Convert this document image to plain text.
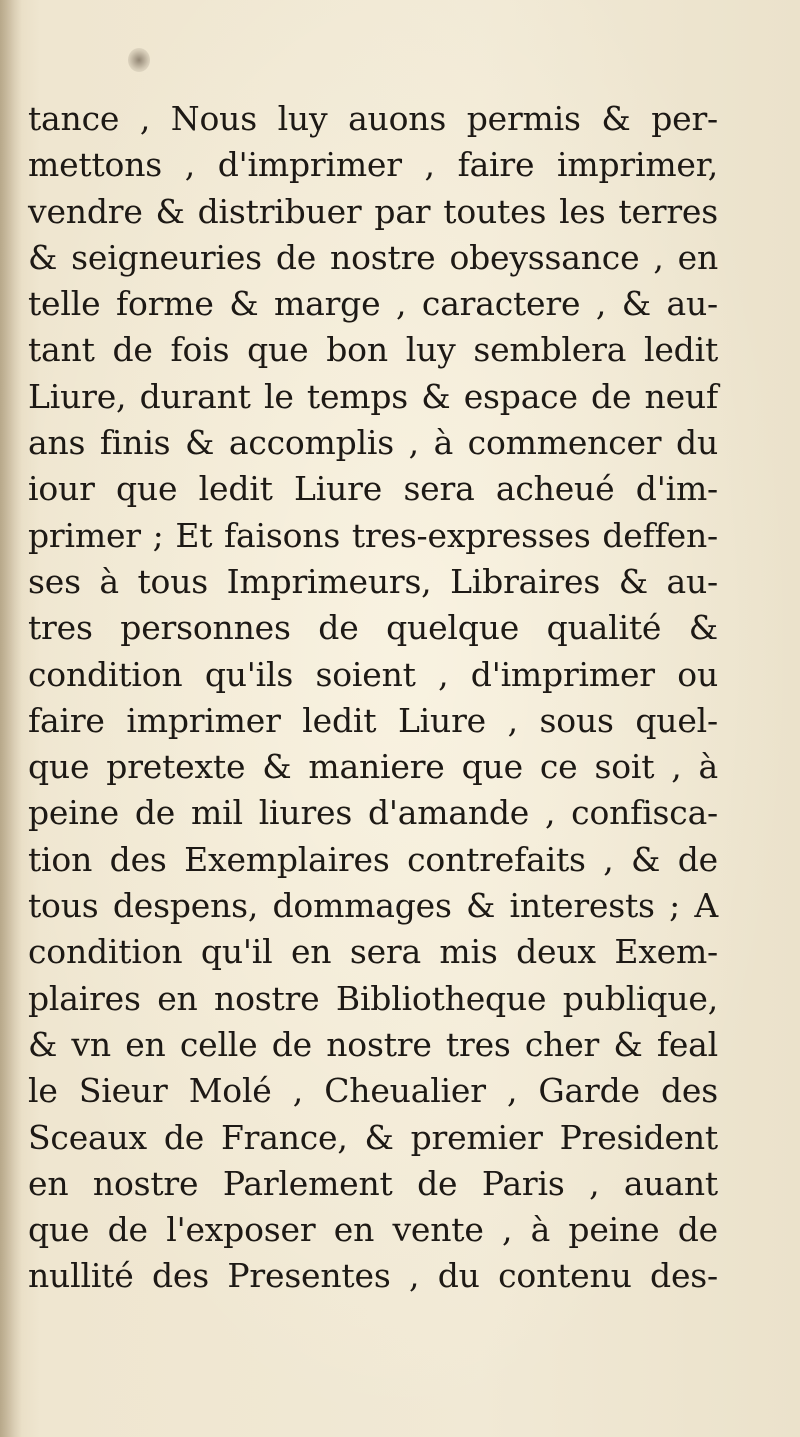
tance , Nous luy auons permis & per-
mettons , d'imprimer , faire imprimer,
vendre & distribuer par toutes les terres
& seigneuries de nostre obeyssance , en
telle forme & marge , caractere , & au-
tant de fois que bon luy semblera ledit
Liure, durant le temps & espace de neuf
ans finis & accomplis , à commencer du
iour que ledit Liure sera acheué d'im-
primer ; Et faisons tres-expresses deffen-
ses à tous Imprimeurs, Libraires & au-
tres personnes de quelque qualité &
condition qu'ils soient , d'imprimer ou
faire imprimer ledit Liure , sous quel-
que pretexte & maniere que ce soit , à
peine de mil liures d'amande , confisca-
tion des Exemplaires contrefaits , & de
tous despens, dommages & interests ; A
condition qu'il en sera mis deux Exem-
plaires en nostre Bibliotheque publique,
& vn en celle de nostre tres cher & feal
le Sieur Molé , Cheualier , Garde des
Sceaux de France, & premier President
en nostre Parlement de Paris , auant
que de l'exposer en vente , à peine de
nullité des Presentes , du contenu des-
